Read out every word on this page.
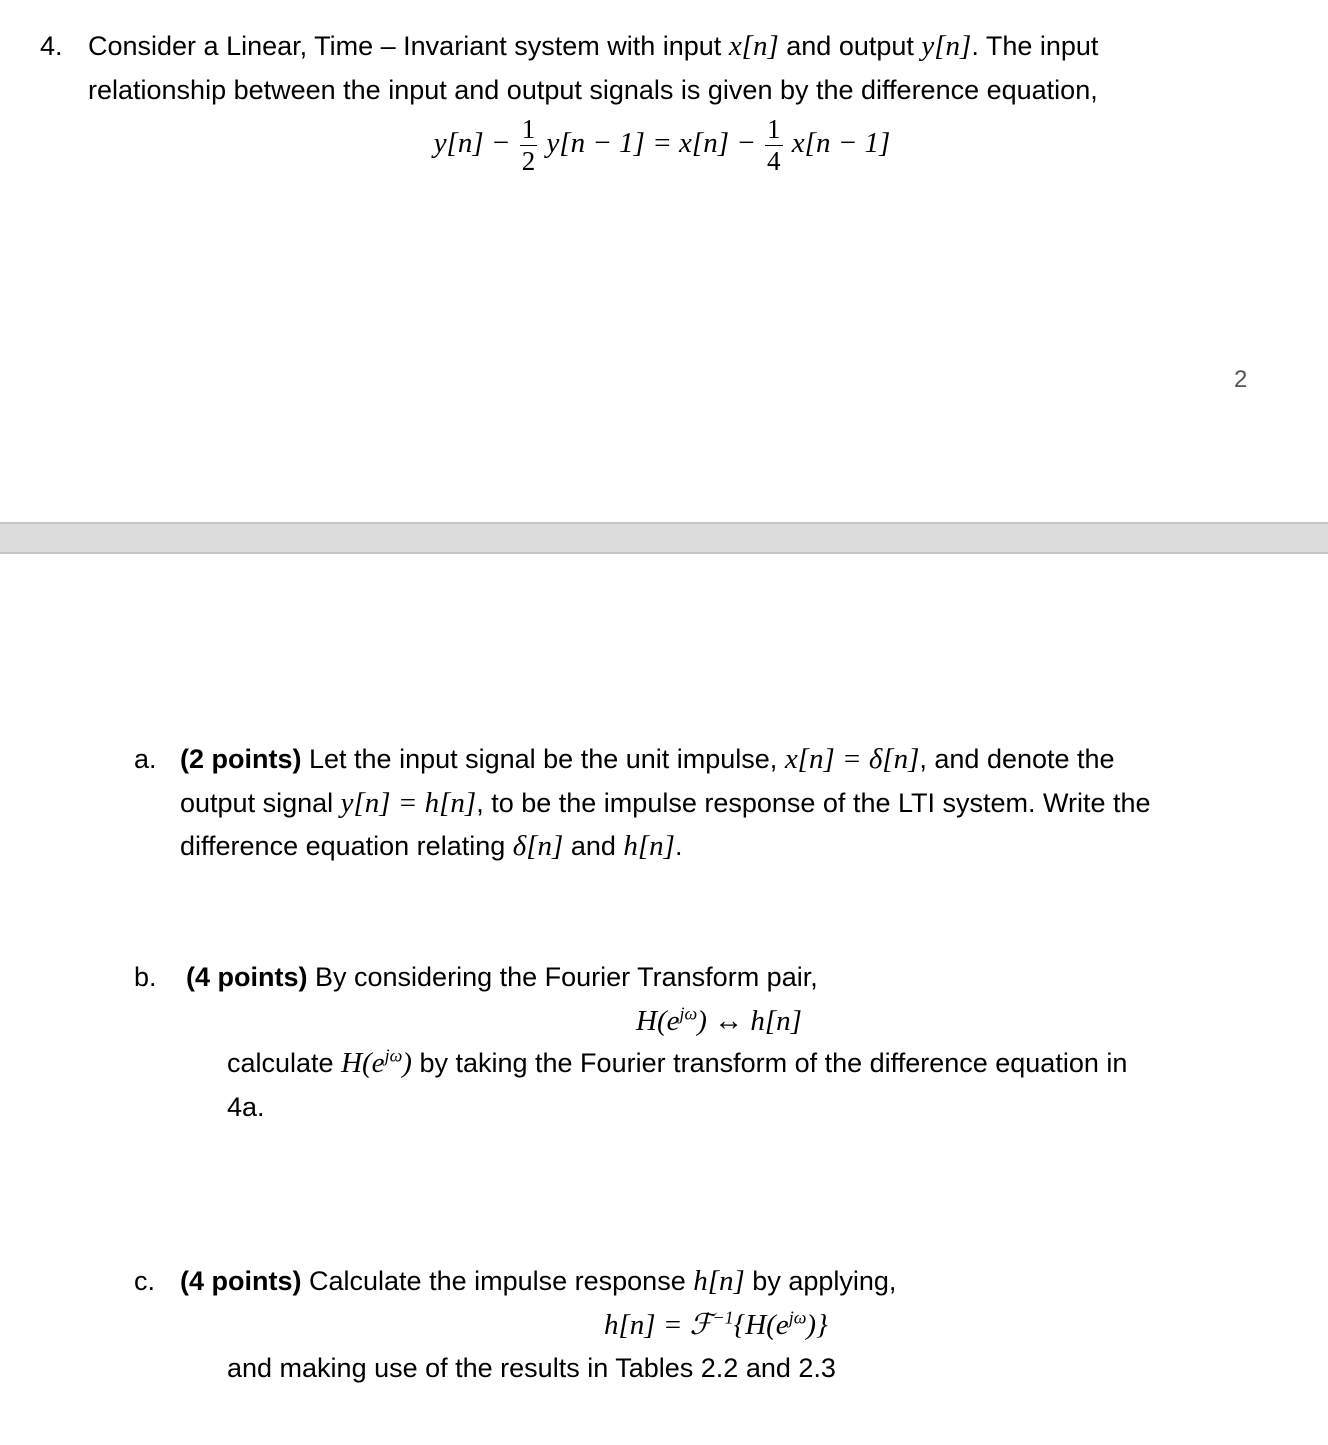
4. Consider a Linear, Time – Invariant system with input x[n] and output y[n]. The input
relationship between the input and output signals is given by the difference equation,
$y[n] - \frac{1}{2} y[n - 1] = x[n] - \frac{1}{4} x[n - 1]$
2
a. (2 points) Let the input signal be the unit impulse, x[n] = δ[n], and denote the
output signal y[n] = h[n], to be the impulse response of the LTI system. Write the
difference equation relating δ[n] and h[n].
b. (4 points) By considering the Fourier Transform pair,
$H(e^{j\omega})$ ↔ h[n]
calculate $H(e^{j\omega})$ by taking the Fourier transform of the difference equation in
4a.
c. (4 points) Calculate the impulse response h[n] by applying,
$h[n] = ℱ^{-1}\{H(e^{j\omega})\}$
and making use of the results in Tables 2.2 and 2.3
